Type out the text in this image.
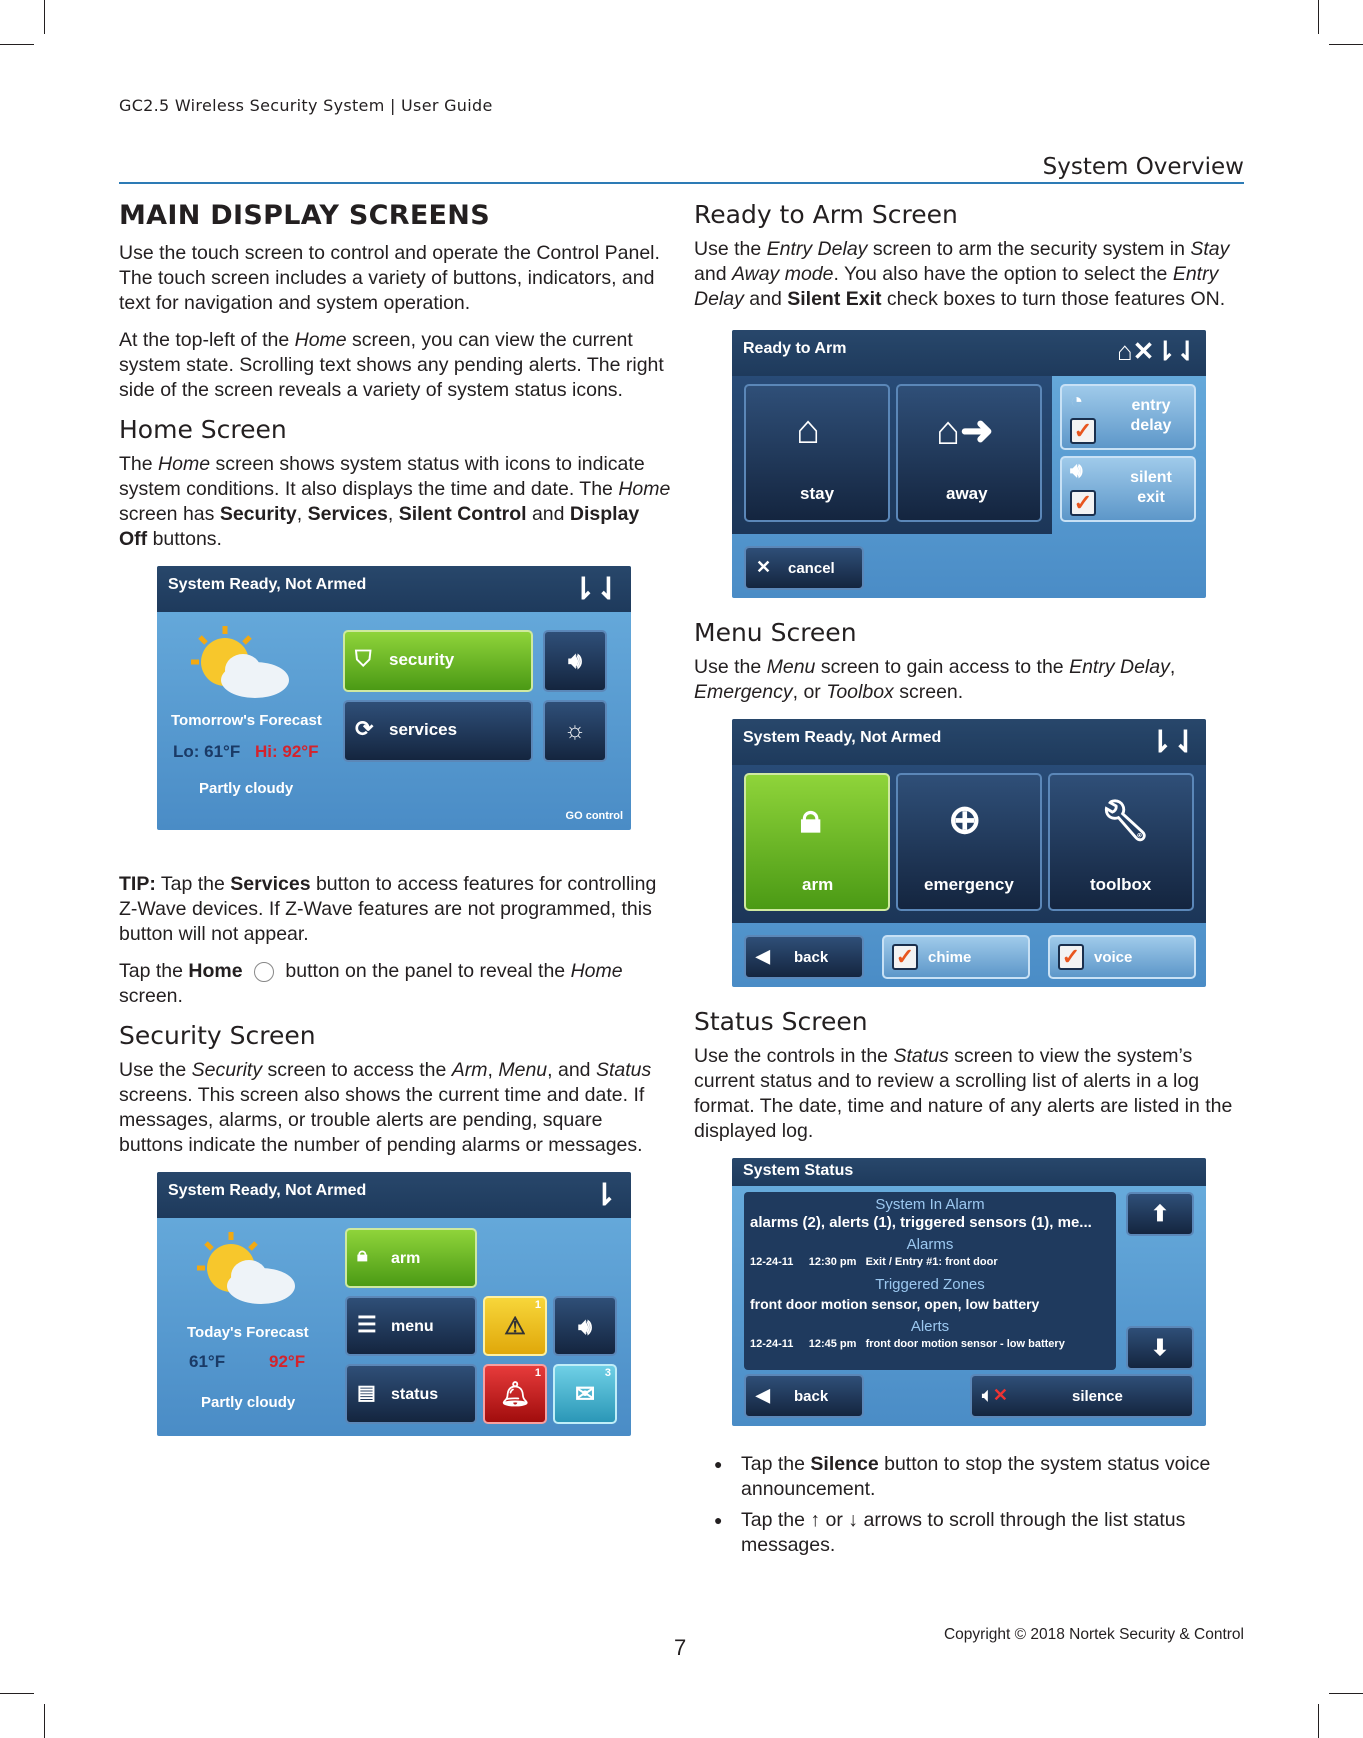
GC2.5 Wireless Security System | User Guide
System Overview
MAIN DISPLAY SCREENS

Use the touch screen to control and operate the Control Panel. The touch screen includes a variety of buttons, indicators, and text for navigation and system operation.

At the top-left of the Home screen, you can view the current system state. Scrolling text shows any pending alerts. The right side of the screen reveals a variety of system status icons.

Home Screen

The Home screen shows system status with icons to indicate system conditions. It also displays the time and date. The Home screen has Security, Services, Silent Control and Display Off buttons.

System Ready, Not Armed	⇂⇃
Tomorrow's Forecast
Lo: 61°F Hi: 92°F
Partly cloudy
⛉ security	🔊︎
⟳ services	☼
GO control

TIP: Tap the Services button to access features for controlling Z-Wave devices. If Z-Wave features are not programmed, this button will not appear.

Tap the Home  button on the panel to reveal the Home screen.

Security Screen

Use the Security screen to access the Arm, Menu, and Status screens. This screen also shows the current time and date. If messages, alarms, or trouble alerts are pending, square buttons indicate the number of pending alarms or messages.

System Ready, Not Armed	⇂
Today's Forecast
61°F	92°F
Partly cloudy
🔒︎ arm
☰ menu
▤ status
⚠
1
🔊︎
🔔︎
1
✉
3
Ready to Arm Screen

Use the Entry Delay screen to arm the security system in Stay and Away mode. You also have the option to select the Entry Delay and Silent Exit check boxes to turn those features ON.

Ready to Arm	⌂✕⇂⇃
⌂
stay
⌂➜
away
◔
✓
entry delay
🔊︎
✓
silent exit
✕ cancel
Menu Screen

Use the Menu screen to gain access to the Entry Delay, Emergency, or Toolbox screen.

System Ready, Not Armed	⇂⇃
🔒︎
arm
⊕
emergency
🔧︎
toolbox
◀ back	✓ chime	✓ voice
Status Screen

Use the controls in the Status screen to view the system’s current status and to review a scrolling list of alerts in a log format. The date, time and nature of any alerts are listed in the displayed log.

System Status
System In Alarm
alarms (2), alerts (1), triggered sensors (1), me...
Alarms
12-24-11 12:30 pm Exit / Entry #1: front door
Triggered Zones
front door motion sensor, open, low battery
Alerts
12-24-11 12:45 pm front door motion sensor - low battery
⬆
⬇
◀ back	🔈︎✕	silence
● Tap the Silence button to stop the system status voice announcement.
● Tap the ↑ or ↓ arrows to scroll through the list status messages.
Copyright © 2018 Nortek Security & Control
7
